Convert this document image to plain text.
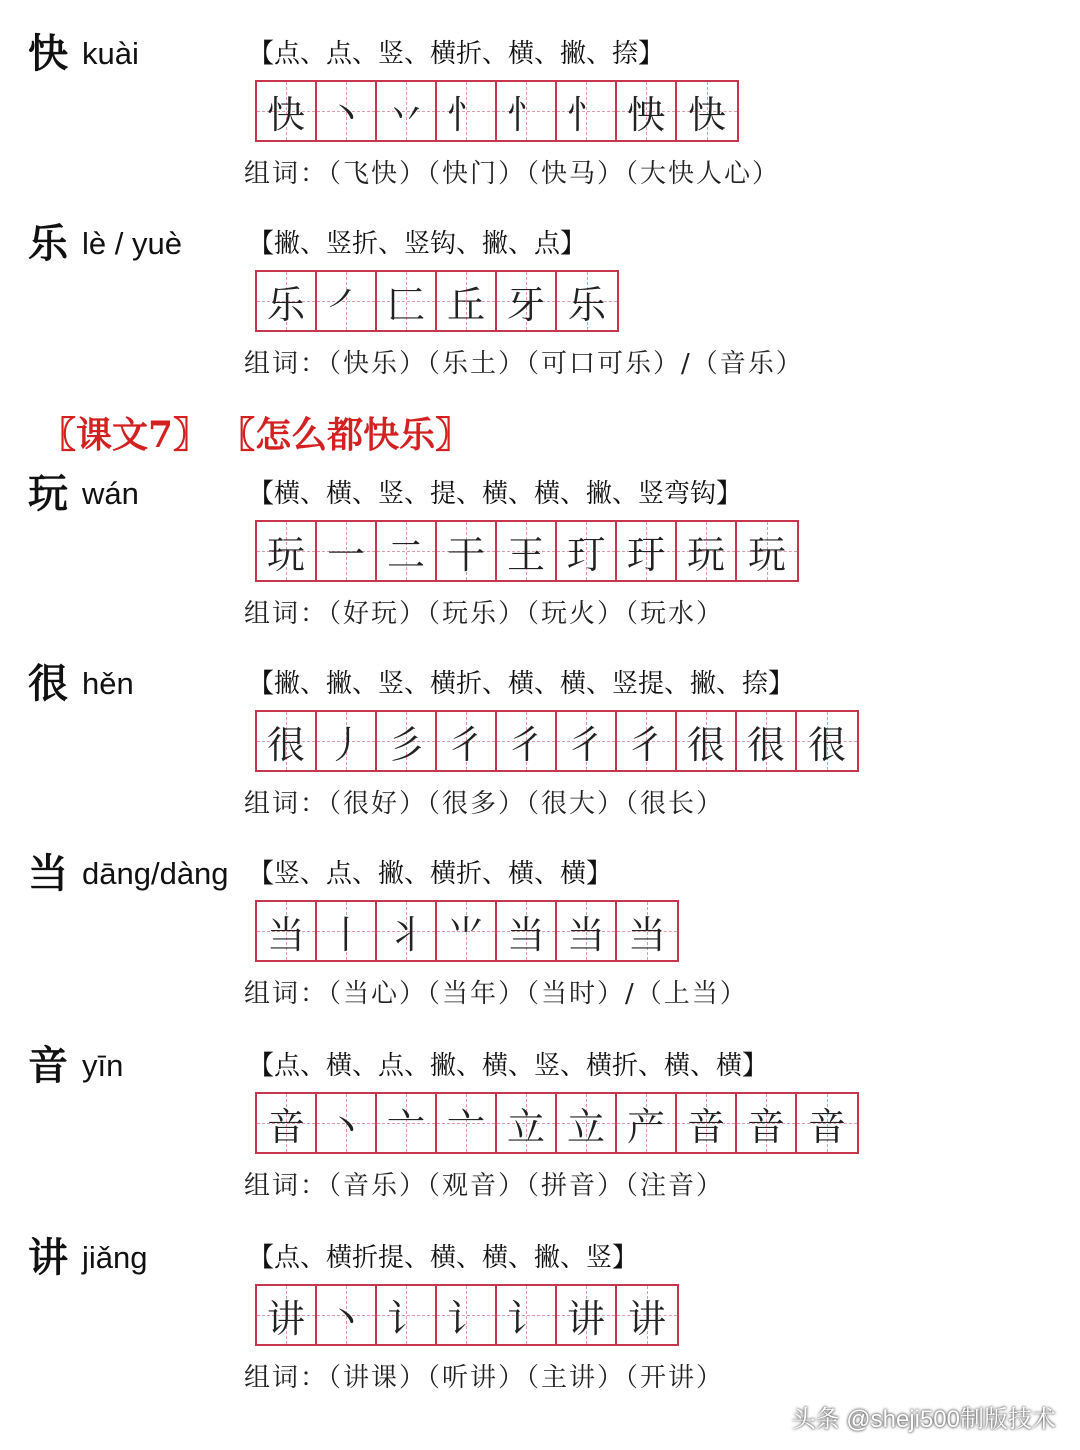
快 kuài	【点、点、竖、横折、横、撇、捺】
快 丶 丷 忄 忄 忄 怏 快
组词：（飞快）（快门）（快马）（大快人心）
乐 lè / yuè	【撇、竖折、竖钩、撇、点】
乐 ㇒ 匚 丘 牙 乐
组词：（快乐）（乐土）（可口可乐）/（音乐）
玩 wán	【横、横、竖、提、横、横、撇、竖弯钩】
玩 一 二 干 王 玎 玗 玩 玩
组词：（好玩）（玩乐）（玩火）（玩水）
很 hěn	【撇、撇、竖、横折、横、横、竖提、撇、捺】
很 丿 彡 彳 彳 彳 彳 很 很 很
组词：（很好）（很多）（很大）（很长）
当 dāng/dàng 【竖、点、撇、横折、横、横】
当 丨 丬 ⺌ 当 当 当
组词：（当心）（当年）（当时）/（上当）
音 yīn	【点、横、点、撇、横、竖、横折、横、横】
音 丶 亠 亠 立 立 产 音 音 音
组词：（音乐）（观音）（拼音）（注音）
讲 jiǎng	【点、横折提、横、横、撇、竖】
讲 丶 讠 讠 讠 讲 讲
组词：（讲课）（听讲）（主讲）（开讲）
〖课文7〗 〖怎么都快乐〗
头条 @sheji500制版技术
